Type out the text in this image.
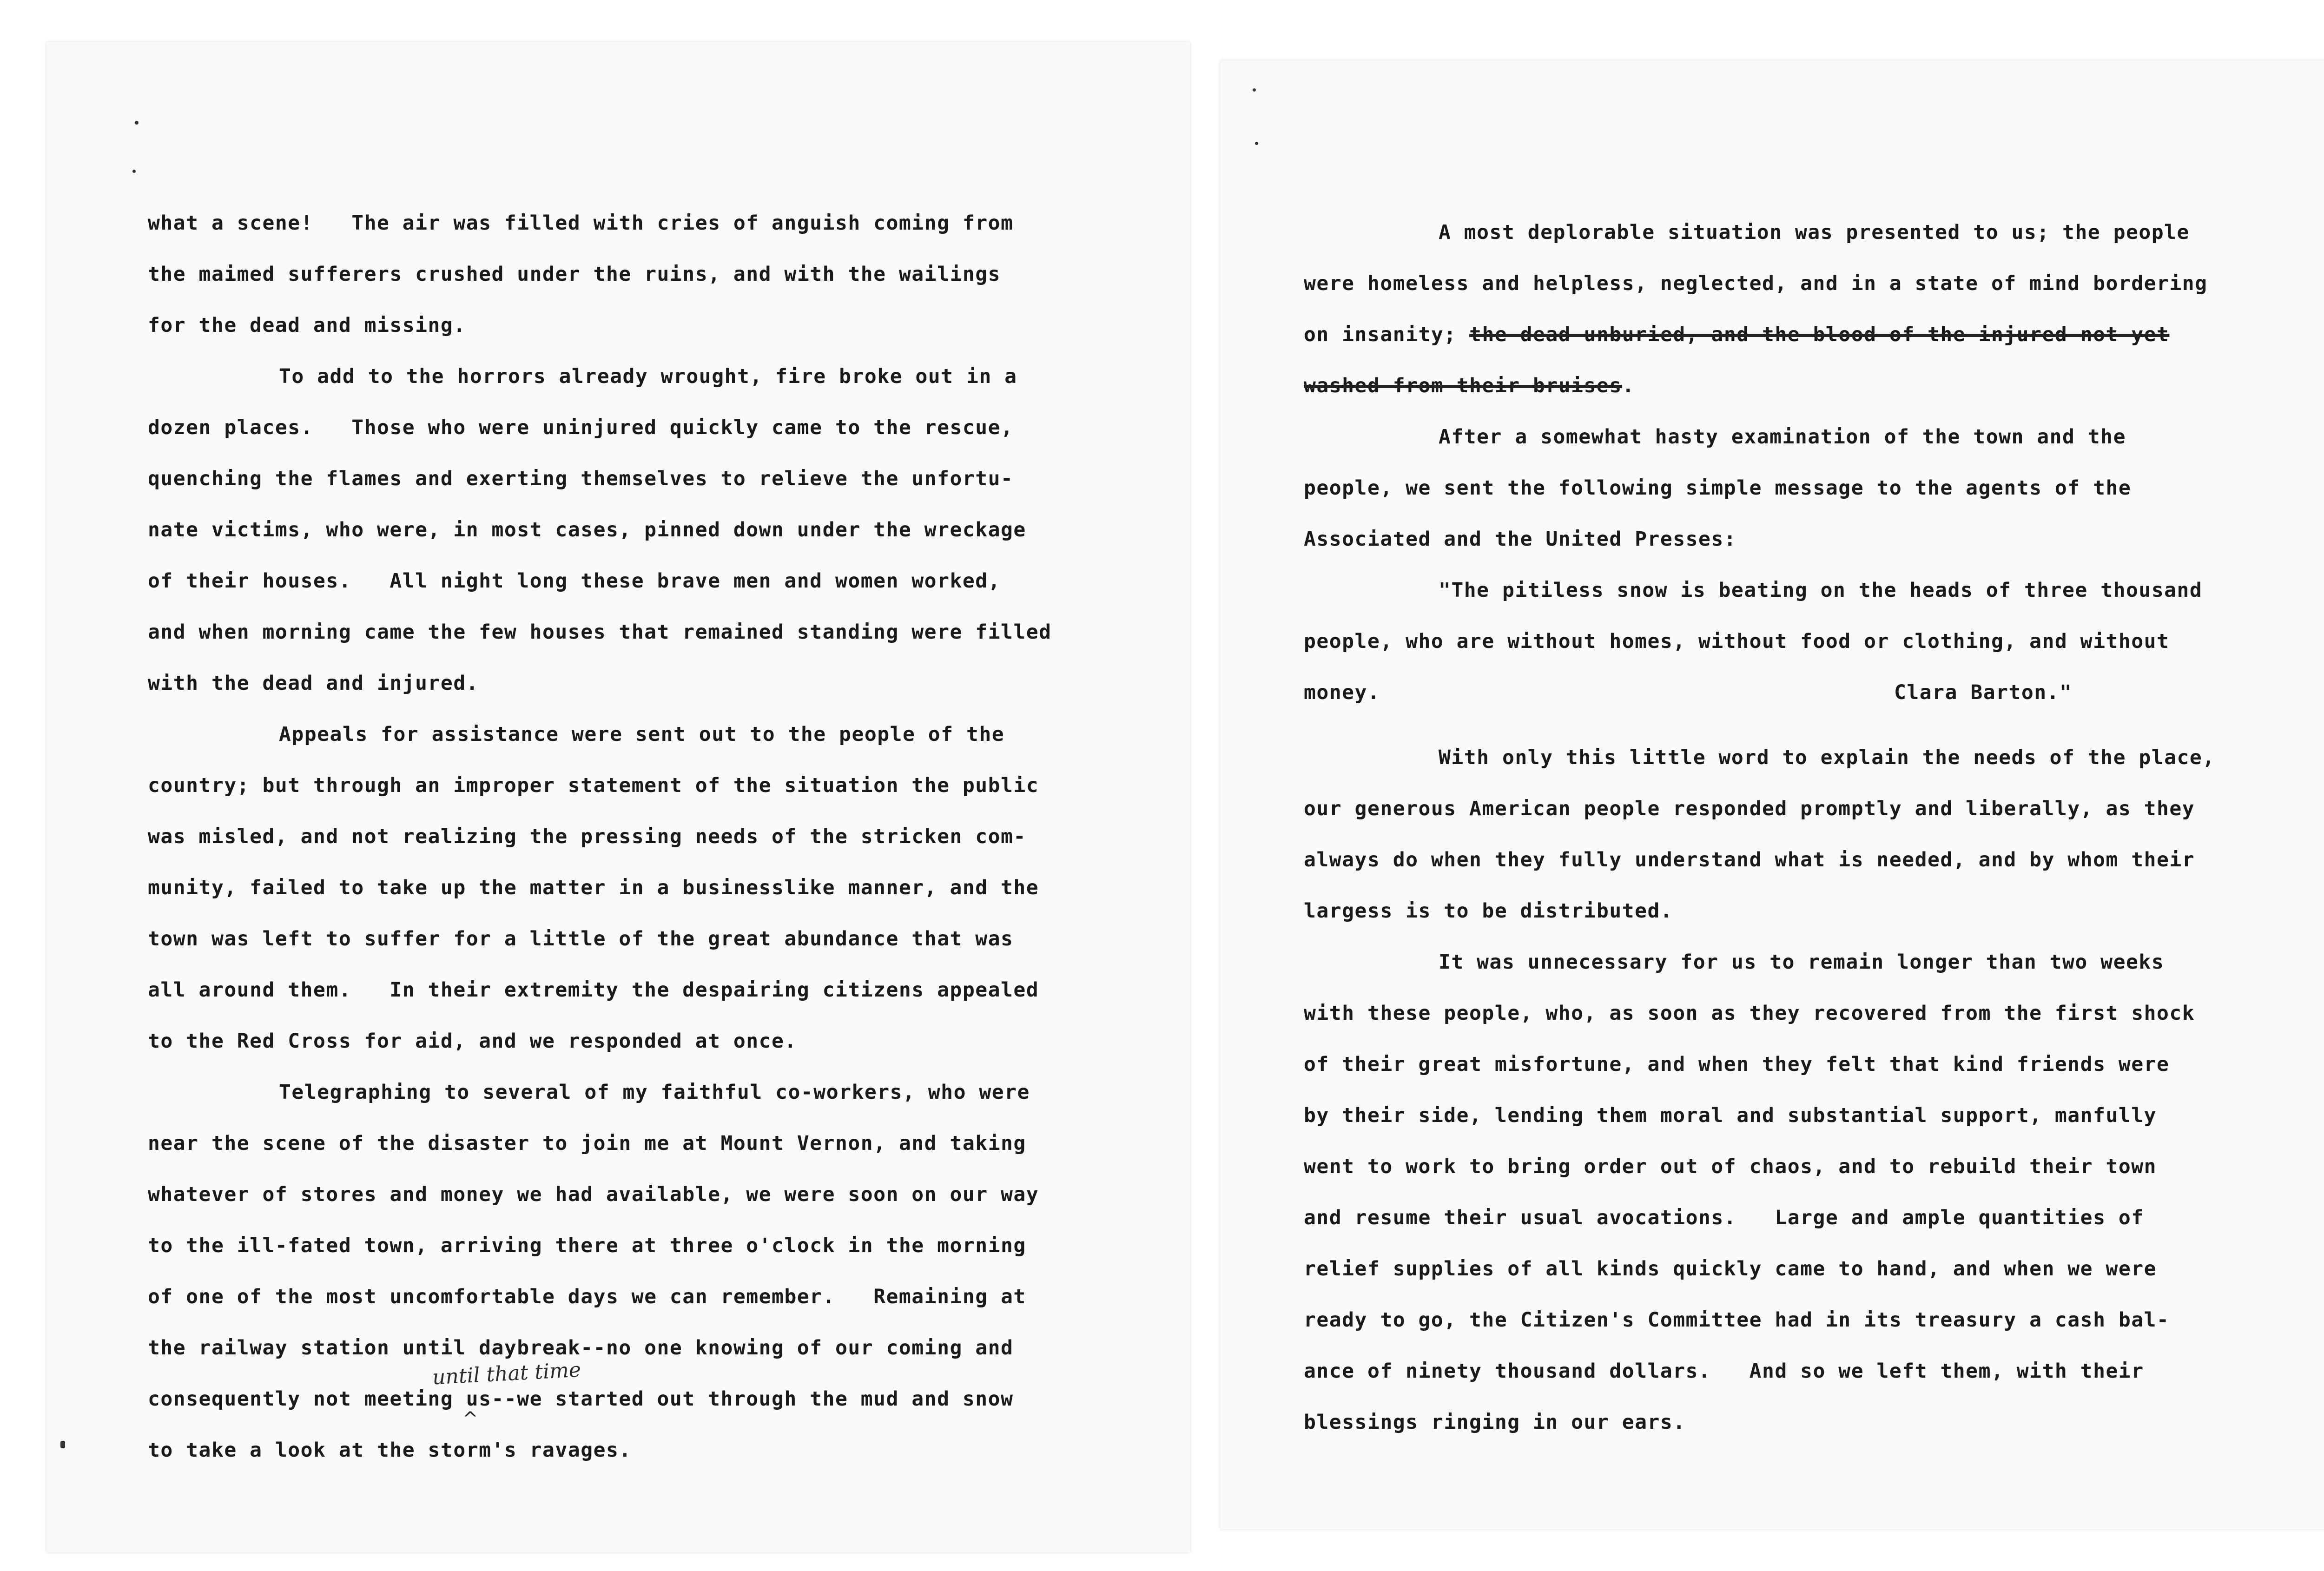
what a scene!   The air was filled with cries of anguish coming from
the maimed sufferers crushed under the ruins, and with the wailings
for the dead and missing.
To add to the horrors already wrought, fire broke out in a
dozen places.   Those who were uninjured quickly came to the rescue,
quenching the flames and exerting themselves to relieve the unfortu-
nate victims, who were, in most cases, pinned down under the wreckage
of their houses.   All night long these brave men and women worked,
and when morning came the few houses that remained standing were filled
with the dead and injured.
Appeals for assistance were sent out to the people of the
country; but through an improper statement of the situation the public
was misled, and not realizing the pressing needs of the stricken com-
munity, failed to take up the matter in a businesslike manner, and the
town was left to suffer for a little of the great abundance that was
all around them.   In their extremity the despairing citizens appealed
to the Red Cross for aid, and we responded at once.
Telegraphing to several of my faithful co-workers, who were
near the scene of the disaster to join me at Mount Vernon, and taking
whatever of stores and money we had available, we were soon on our way
to the ill-fated town, arriving there at three o'clock in the morning
of one of the most uncomfortable days we can remember.   Remaining at
the railway station until daybreak--no one knowing of our coming and
consequently not meeting us--we started out through the mud and snow
to take a look at the storm's ravages.
until that time
^
A most deplorable situation was presented to us; the people
were homeless and helpless, neglected, and in a state of mind bordering
on insanity; the dead unburied, and the blood of the injured not yet
washed from their bruises.
After a somewhat hasty examination of the town and the
people, we sent the following simple message to the agents of the
Associated and the United Presses:
"The pitiless snow is beating on the heads of three thousand
people, who are without homes, without food or clothing, and without
money.	Clara Barton."
With only this little word to explain the needs of the place,
our generous American people responded promptly and liberally, as they
always do when they fully understand what is needed, and by whom their
largess is to be distributed.
It was unnecessary for us to remain longer than two weeks
with these people, who, as soon as they recovered from the first shock
of their great misfortune, and when they felt that kind friends were
by their side, lending them moral and substantial support, manfully
went to work to bring order out of chaos, and to rebuild their town
and resume their usual avocations.   Large and ample quantities of
relief supplies of all kinds quickly came to hand, and when we were
ready to go, the Citizen's Committee had in its treasury a cash bal-
ance of ninety thousand dollars.   And so we left them, with their
blessings ringing in our ears.
